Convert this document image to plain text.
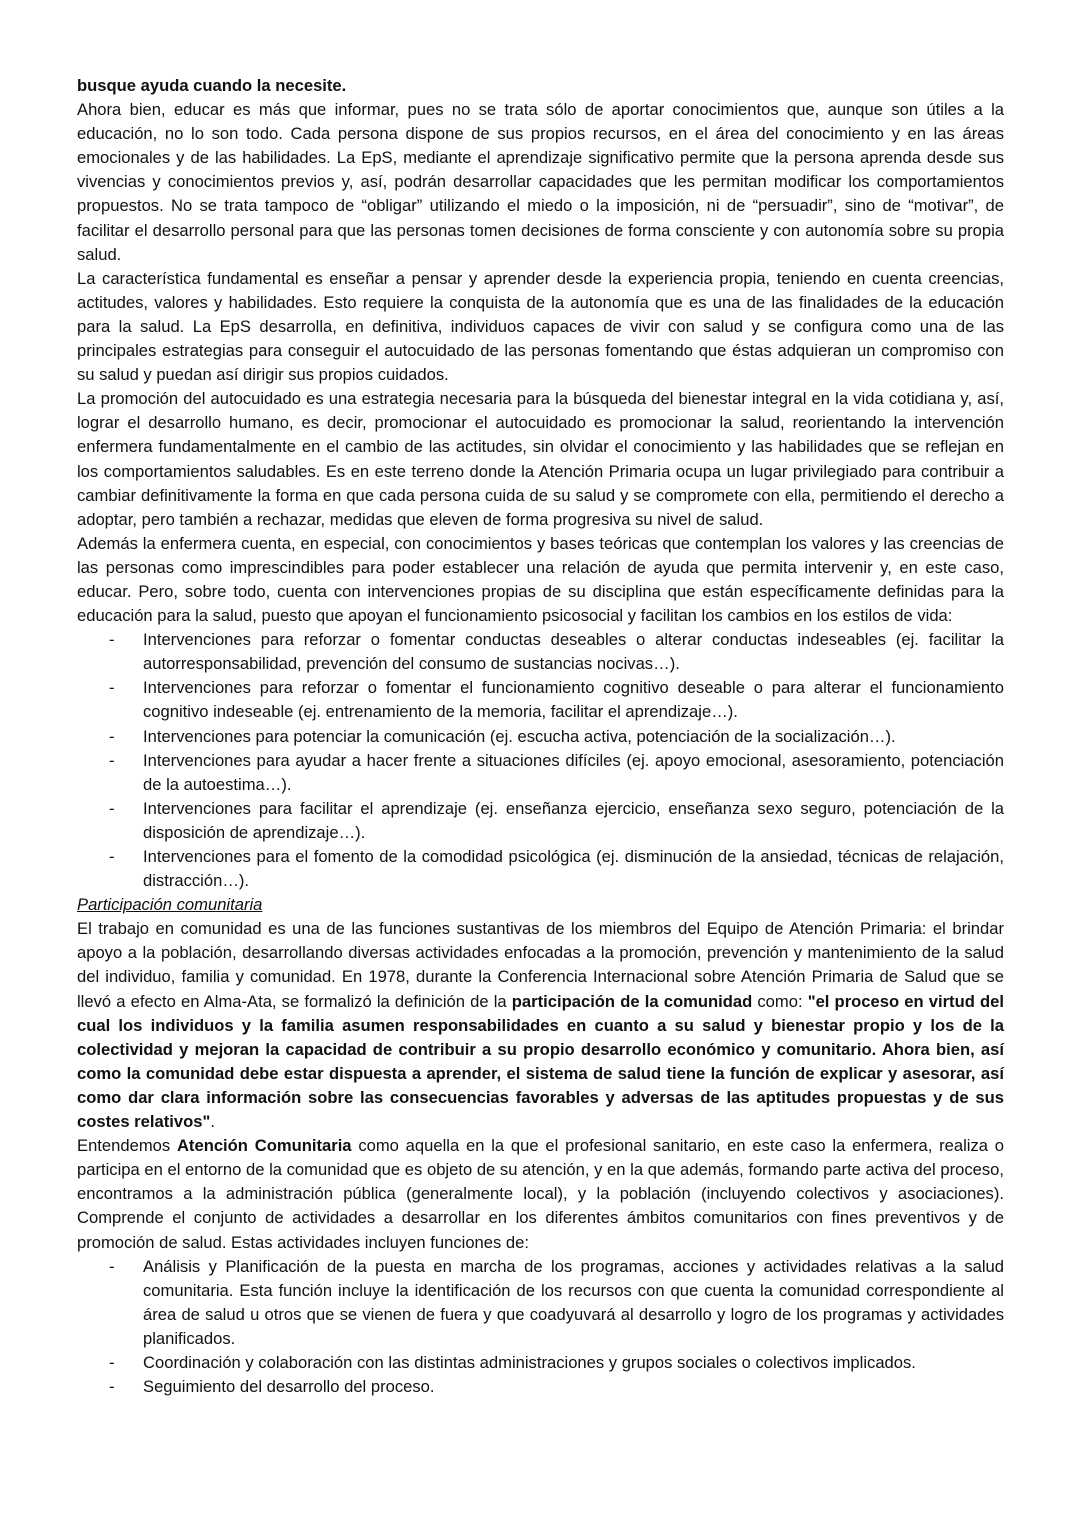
busque ayuda cuando la necesite.

Ahora bien, educar es más que informar, pues no se trata sólo de aportar conocimientos que, aunque son útiles a la educación, no lo son todo. Cada persona dispone de sus propios recursos, en el área del conocimiento y en las áreas emocionales y de las habilidades. La EpS, mediante el aprendizaje significativo permite que la persona aprenda desde sus vivencias y conocimientos previos y, así, podrán desarrollar capacidades que les permitan modificar los comportamientos propuestos. No se trata tampoco de “obligar” utilizando el miedo o la imposición, ni de “persuadir”, sino de “motivar”, de facilitar el desarrollo personal para que las personas tomen decisiones de forma consciente y con autonomía sobre su propia salud.

La característica fundamental es enseñar a pensar y aprender desde la experiencia propia, teniendo en cuenta creencias, actitudes, valores y habilidades. Esto requiere la conquista de la autonomía que es una de las finalidades de la educación para la salud. La EpS desarrolla, en definitiva, individuos capaces de vivir con salud y se configura como una de las principales estrategias para conseguir el autocuidado de las personas fomentando que éstas adquieran un compromiso con su salud y puedan así dirigir sus propios cuidados.

La promoción del autocuidado es una estrategia necesaria para la búsqueda del bienestar integral en la vida cotidiana y, así, lograr el desarrollo humano, es decir, promocionar el autocuidado es promocionar la salud, reorientando la intervención enfermera fundamentalmente en el cambio de las actitudes, sin olvidar el conocimiento y las habilidades que se reflejan en los comportamientos saludables. Es en este terreno donde la Atención Primaria ocupa un lugar privilegiado para contribuir a cambiar definitivamente la forma en que cada persona cuida de su salud y se compromete con ella, permitiendo el derecho a adoptar, pero también a rechazar, medidas que eleven de forma progresiva su nivel de salud.

Además la enfermera cuenta, en especial, con conocimientos y bases teóricas que contemplan los valores y las creencias de las personas como imprescindibles para poder establecer una relación de ayuda que permita intervenir y, en este caso, educar. Pero, sobre todo, cuenta con intervenciones propias de su disciplina que están específicamente definidas para la educación para la salud, puesto que apoyan el funcionamiento psicosocial y facilitan los cambios en los estilos de vida:

- Intervenciones para reforzar o fomentar conductas deseables o alterar conductas indeseables (ej. facilitar la autorresponsabilidad, prevención del consumo de sustancias nocivas…).
- Intervenciones para reforzar o fomentar el funcionamiento cognitivo deseable o para alterar el funcionamiento cognitivo indeseable (ej. entrenamiento de la memoria, facilitar el aprendizaje…).
- Intervenciones para potenciar la comunicación (ej. escucha activa, potenciación de la socialización…).
- Intervenciones para ayudar a hacer frente a situaciones difíciles (ej. apoyo emocional, asesoramiento, potenciación de la autoestima…).
- Intervenciones para facilitar el aprendizaje (ej. enseñanza ejercicio, enseñanza sexo seguro, potenciación de la disposición de aprendizaje…).
- Intervenciones para el fomento de la comodidad psicológica (ej. disminución de la ansiedad, técnicas de relajación, distracción…).

Participación comunitaria

El trabajo en comunidad es una de las funciones sustantivas de los miembros del Equipo de Atención Primaria: el brindar apoyo a la población, desarrollando diversas actividades enfocadas a la promoción, prevención y mantenimiento de la salud del individuo, familia y comunidad. En 1978, durante la Conferencia Internacional sobre Atención Primaria de Salud que se llevó a efecto en Alma-Ata, se formalizó la definición de la participación de la comunidad como: "el proceso en virtud del cual los individuos y la familia asumen responsabilidades en cuanto a su salud y bienestar propio y los de la colectividad y mejoran la capacidad de contribuir a su propio desarrollo económico y comunitario. Ahora bien, así como la comunidad debe estar dispuesta a aprender, el sistema de salud tiene la función de explicar y asesorar, así como dar clara información sobre las consecuencias favorables y adversas de las aptitudes propuestas y de sus costes relativos".

Entendemos Atención Comunitaria como aquella en la que el profesional sanitario, en este caso la enfermera, realiza o participa en el entorno de la comunidad que es objeto de su atención, y en la que además, formando parte activa del proceso, encontramos a la administración pública (generalmente local), y la población (incluyendo colectivos y asociaciones). Comprende el conjunto de actividades a desarrollar en los diferentes ámbitos comunitarios con fines preventivos y de promoción de salud. Estas actividades incluyen funciones de:

- Análisis y Planificación de la puesta en marcha de los programas, acciones y actividades relativas a la salud comunitaria. Esta función incluye la identificación de los recursos con que cuenta la comunidad correspondiente al área de salud u otros que se vienen de fuera y que coadyuvará al desarrollo y logro de los programas y actividades planificados.
- Coordinación y colaboración con las distintas administraciones y grupos sociales o colectivos implicados.
- Seguimiento del desarrollo del proceso.
